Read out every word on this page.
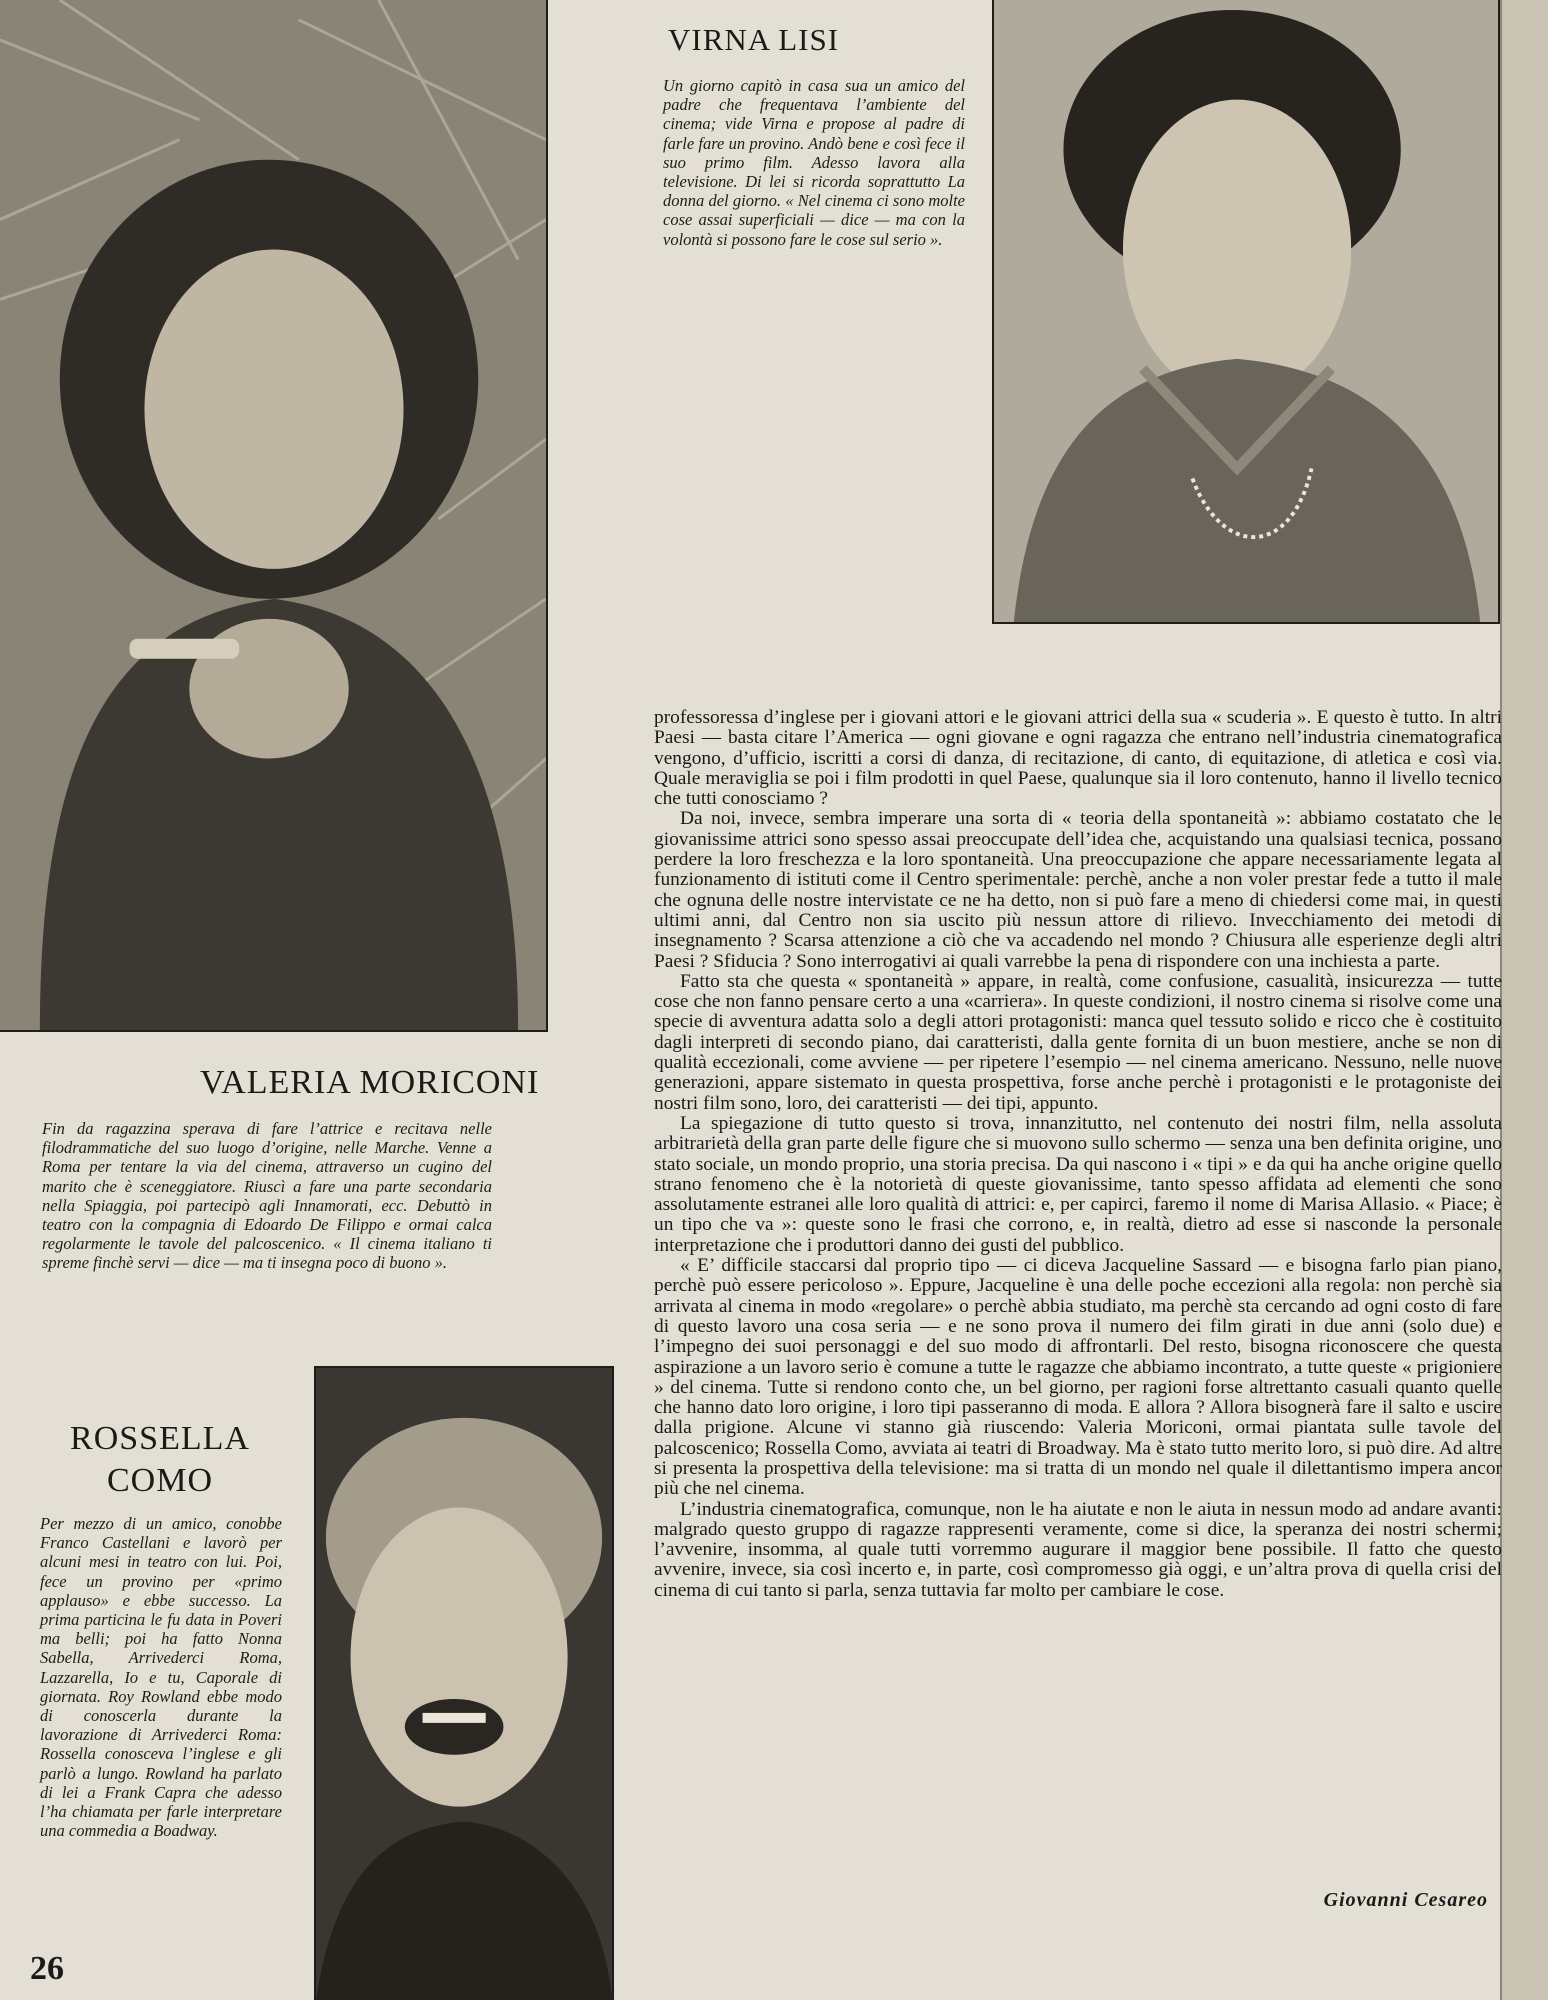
VIRNA LISI

Un giorno capitò in casa sua un amico del padre che frequentava l’ambiente del cinema; vide Virna e propose al padre di farle fare un provino. Andò bene e così fece il suo primo film. Adesso lavora alla televisione. Di lei si ricorda soprattutto La donna del giorno. « Nel cinema ci sono molte cose assai superficiali — dice — ma con la volontà si possono fare le cose sul serio ».

VALERIA MORICONI

Fin da ragazzina sperava di fare l’attrice e recitava nelle filodrammatiche del suo luogo d’origine, nelle Marche. Venne a Roma per tentare la via del cinema, attraverso un cugino del marito che è sceneggiatore. Riuscì a fare una parte secondaria nella Spiaggia, poi partecipò agli Innamorati, ecc. Debuttò in teatro con la compagnia di Edoardo De Filippo e ormai calca regolarmente le tavole del palcoscenico. « Il cinema italiano ti spreme finchè servi — dice — ma ti insegna poco di buono ».

ROSSELLA
COMO

Per mezzo di un amico, conobbe Franco Castellani e lavorò per alcuni mesi in teatro con lui. Poi, fece un provino per «primo applauso» e ebbe successo. La prima particina le fu data in Poveri ma belli; poi ha fatto Nonna Sabella, Arrivederci Roma, Lazzarella, Io e tu, Caporale di giornata. Roy Rowland ebbe modo di conoscerla durante la lavorazione di Arrivederci Roma: Rossella conosceva l’inglese e gli parlò a lungo. Rowland ha parlato di lei a Frank Capra che adesso l’ha chiamata per farle interpretare una commedia a Boadway.

professoressa d’inglese per i giovani attori e le giovani attrici della sua « scuderia ». E questo è tutto. In altri Paesi — basta citare l’America — ogni giovane e ogni ragazza che entrano nell’industria cinematografica vengono, d’ufficio, iscritti a corsi di danza, di recitazione, di canto, di equitazione, di atletica e così via. Quale meraviglia se poi i film prodotti in quel Paese, qualunque sia il loro contenuto, hanno il livello tecnico che tutti conosciamo ?

Da noi, invece, sembra imperare una sorta di « teoria della spontaneità »: abbiamo costatato che le giovanissime attrici sono spesso assai preoccupate dell’idea che, acquistando una qualsiasi tecnica, possano perdere la loro freschezza e la loro spontaneità. Una preoccupazione che appare necessariamente legata al funzionamento di istituti come il Centro sperimentale: perchè, anche a non voler prestar fede a tutto il male che ognuna delle nostre intervistate ce ne ha detto, non si può fare a meno di chiedersi come mai, in questi ultimi anni, dal Centro non sia uscito più nessun attore di rilievo. Invecchiamento dei metodi di insegnamento ? Scarsa attenzione a ciò che va accadendo nel mondo ? Chiusura alle esperienze degli altri Paesi ? Sfiducia ? Sono interrogativi ai quali varrebbe la pena di rispondere con una inchiesta a parte.

Fatto sta che questa « spontaneità » appare, in realtà, come confusione, casualità, insicurezza — tutte cose che non fanno pensare certo a una «carriera». In queste condizioni, il nostro cinema si risolve come una specie di avventura adatta solo a degli attori protagonisti: manca quel tessuto solido e ricco che è costituito dagli interpreti di secondo piano, dai caratteristi, dalla gente fornita di un buon mestiere, anche se non di qualità eccezionali, come avviene — per ripetere l’esempio — nel cinema americano. Nessuno, nelle nuove generazioni, appare sistemato in questa prospettiva, forse anche perchè i protagonisti e le protagoniste dei nostri film sono, loro, dei caratteristi — dei tipi, appunto.

La spiegazione di tutto questo si trova, innanzitutto, nel contenuto dei nostri film, nella assoluta arbitrarietà della gran parte delle figure che si muovono sullo schermo — senza una ben definita origine, uno stato sociale, un mondo proprio, una storia precisa. Da qui nascono i « tipi » e da qui ha anche origine quello strano fenomeno che è la notorietà di queste giovanissime, tanto spesso affidata ad elementi che sono assolutamente estranei alle loro qualità di attrici: e, per capirci, faremo il nome di Marisa Allasio. « Piace; è un tipo che va »: queste sono le frasi che corrono, e, in realtà, dietro ad esse si nasconde la personale interpretazione che i produttori danno dei gusti del pubblico.

« E’ difficile staccarsi dal proprio tipo — ci diceva Jacqueline Sassard — e bisogna farlo pian piano, perchè può essere pericoloso ». Eppure, Jacqueline è una delle poche eccezioni alla regola: non perchè sia arrivata al cinema in modo «regolare» o perchè abbia studiato, ma perchè sta cercando ad ogni costo di fare di questo lavoro una cosa seria — e ne sono prova il numero dei film girati in due anni (solo due) e l’impegno dei suoi personaggi e del suo modo di affrontarli. Del resto, bisogna riconoscere che questa aspirazione a un lavoro serio è comune a tutte le ragazze che abbiamo incontrato, a tutte queste « prigioniere » del cinema. Tutte si rendono conto che, un bel giorno, per ragioni forse altrettanto casuali quanto quelle che hanno dato loro origine, i loro tipi passeranno di moda. E allora ? Allora bisognerà fare il salto e uscire dalla prigione. Alcune vi stanno già riuscendo: Valeria Moriconi, ormai piantata sulle tavole del palcoscenico; Rossella Como, avviata ai teatri di Broadway. Ma è stato tutto merito loro, si può dire. Ad altre si presenta la prospettiva della televisione: ma si tratta di un mondo nel quale il dilettantismo impera ancor più che nel cinema.

L’industria cinematografica, comunque, non le ha aiutate e non le aiuta in nessun modo ad andare avanti: malgrado questo gruppo di ragazze rappresenti veramente, come si dice, la speranza dei nostri schermi; l’avvenire, insomma, al quale tutti vorremmo augurare il maggior bene possibile. Il fatto che questo avvenire, invece, sia così incerto e, in parte, così compromesso già oggi, e un’altra prova di quella crisi del cinema di cui tanto si parla, senza tuttavia far molto per cambiare le cose.

Giovanni Cesareo

26
